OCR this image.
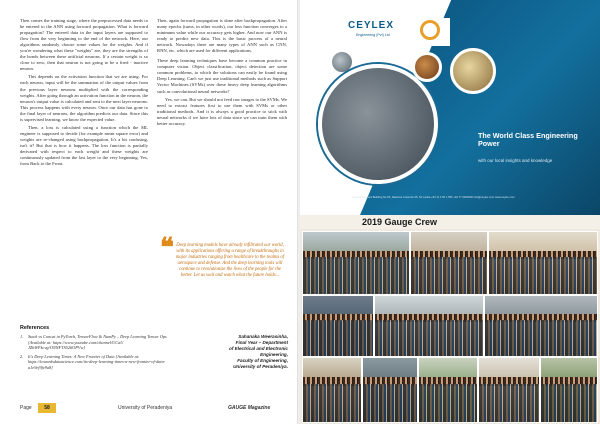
Then comes the training stage, where the preprocessed data needs to be entered to the ANN using forward propagation. What is forward propagation? The entered data in the input layers are supposed to flow from the very beginning to the end of the network. Here, our algorithms randomly choose some values for the weights. And if you're wondering what these "weights" are, they are the strengths of the bonds between these artificial neurons. If a certain weight is so close to zero, then that neuron is not going to be a fired - inactive neuron.

This depends on the activation function that we are using. For each neuron, input will be the summation of the output values from the previous layer neurons multiplied with the corresponding weights. After going through an activation function in the neuron, the neuron's output value is calculated and sent to the next layer neurons. This process happens with every neuron. Once our data has gone to the final layer of neurons, the algorithm predicts our data. Since this is supervised learning, we know the expected value.

Then, a loss is calculated using a function which the ML engineer is supposed to decide (for example mean square error) and weights are re-changed using backpropagation. It's a bit confusing, isn't it? But that is how it happens. The loss function is partially derivated with respect to each weight and these weights are continuously updated from the last layer to the very beginning. Yes, from Back to the Front.

Then, again forward propagation is done after backpropagation. After many epochs (turns, in other words), our loss function converges to a minimum value while our accuracy gets higher. And now our ANN is ready to predict new data. This is the basic process of a neural network. Nowadays there are many types of ANN such as CNN, RNN, etc. which are used for different applications.

These deep learning techniques have become a common practice in computer vision. Object classification, object detection are some common problems, to which the solutions can easily be found using Deep Learning. Can't we just use traditional methods such as Support Vector Machines (SVMs) over these heavy deep learning algorithms such as convolutional neural networks?

Yes, we can. But we should not feed raw images to the SVMs. We need to extract features first to use them with SVMs or other traditional methods. And it is always a good practice to stick with neural networks if we have lots of data since we can train them with better accuracy.

❝ Deep learning models have already infiltrated our world, with its applications offering a range of breakthroughs in major industries ranging from healthcare to the realms of aerospace and defense. And the deep learning tools will continue to revolutionize the lives of the people for the better. Let us wait and watch what the future holds...
References
1. Stack vs Concat in PyTorch, TensorFlow & NumPy – Deep Learning Tensor Ops [Available at: https://www.youtube.com/channel/UCaU JZbWFkcvg/ONNFTS526OPVw]
2. It's Deep Learning Times: A New Frontier of Data [Available at: https://towardsdatascience.com/its-deep-learning-times-a-new-frontier-of-data-a1e9ef9fe9a8]
Sahanaka Weerasinha,
Final Year – Department
of Electrical and Electronic
Engineering,
Faculty of Engineering,
University of Peradeniya.
Page	58	University of Peradeniya	GAUGE Magazine
CEYLEX
Engineering (Pvt) Ltd
The World Class Engineering Power
with our local insights and knowledge
Level 3, Shahani Building No 52, Nawinna Colombo 05, Sri Lanka +94 11 4 50 1 550 +94 77 0000000 info@ceylex.com www.ceylex.com
2019 Gauge Crew
